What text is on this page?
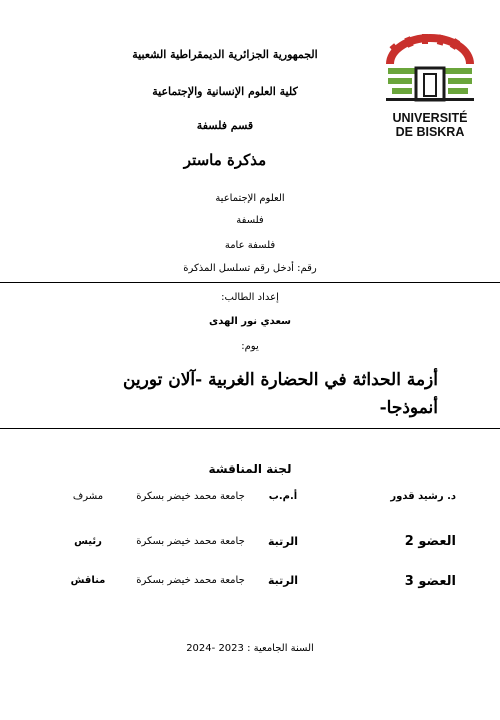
الجمهورية الجزائرية الديمقراطية الشعبية
كلية العلوم الإنسانية والإجتماعية
قسم فلسفة
مذكرة ماستر
UNIVERSITÉ
DE BISKRA
العلوم الإجتماعية
فلسفة
فلسفة عامة
رقم: أدخل رقم تسلسل المذكرة
إعداد الطالب:
سعدي نور الهدى
يوم:
أزمة الحداثة في الحضارة الغربية -آلان تورين
أنموذجا-
لجنة المناقشة
د. رشيد قدور
أ.م.ب
جامعة محمد خيضر بسكرة
مشرف
العضو 2
الرتبة
جامعة محمد خيضر بسكرة
رئيس
العضو 3
الرتبة
جامعة محمد خيضر بسكرة
مناقش
السنة الجامعية : 2023 -2024
